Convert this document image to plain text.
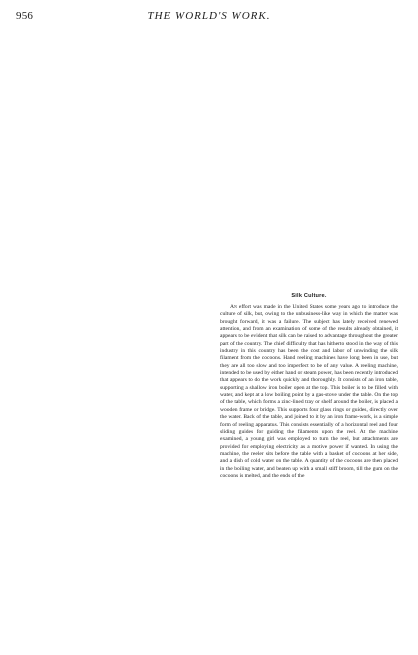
956	THE WORLD'S WORK.
Silk Culture.

An effort was made in the United States some years ago to introduce the culture of silk, but, owing to the unbusiness-like way in which the matter was brought forward, it was a failure. The subject has lately received renewed attention, and from an examination of some of the results already obtained, it appears to be evident that silk can be raised to advantage throughout the greater part of the country. The chief difficulty that has hitherto stood in the way of this industry in this country has been the cost and labor of unwinding the silk filament from the cocoons. Hand reeling machines have long been in use, but they are all too slow and too imperfect to be of any value. A reeling machine, intended to be used by either hand or steam power, has been recently introduced that appears to do the work quickly and thoroughly. It consists of an iron table, supporting a shallow iron boiler open at the top. This boiler is to be filled with water, and kept at a low boiling point by a gas-stove under the table. On the top of the table, which forms a zinc-lined tray or shelf around the boiler, is placed a wooden frame or bridge. This supports four glass rings or guides, directly over the water. Back of the table, and joined to it by an iron frame-work, is a simple form of reeling apparatus. This consists essentially of a horizontal reel and four sliding guides for guiding the filaments upon the reel. At the machine examined, a young girl was employed to turn the reel, but attachments are provided for employing electricity as a motive power if wanted. In using the machine, the reeler sits before the table with a basket of cocoons at her side, and a dish of cold water on the table. A quantity of the cocoons are then placed in the boiling water, and beaten up with a small stiff broom, till the gum on the cocoons is melted, and the ends of the
